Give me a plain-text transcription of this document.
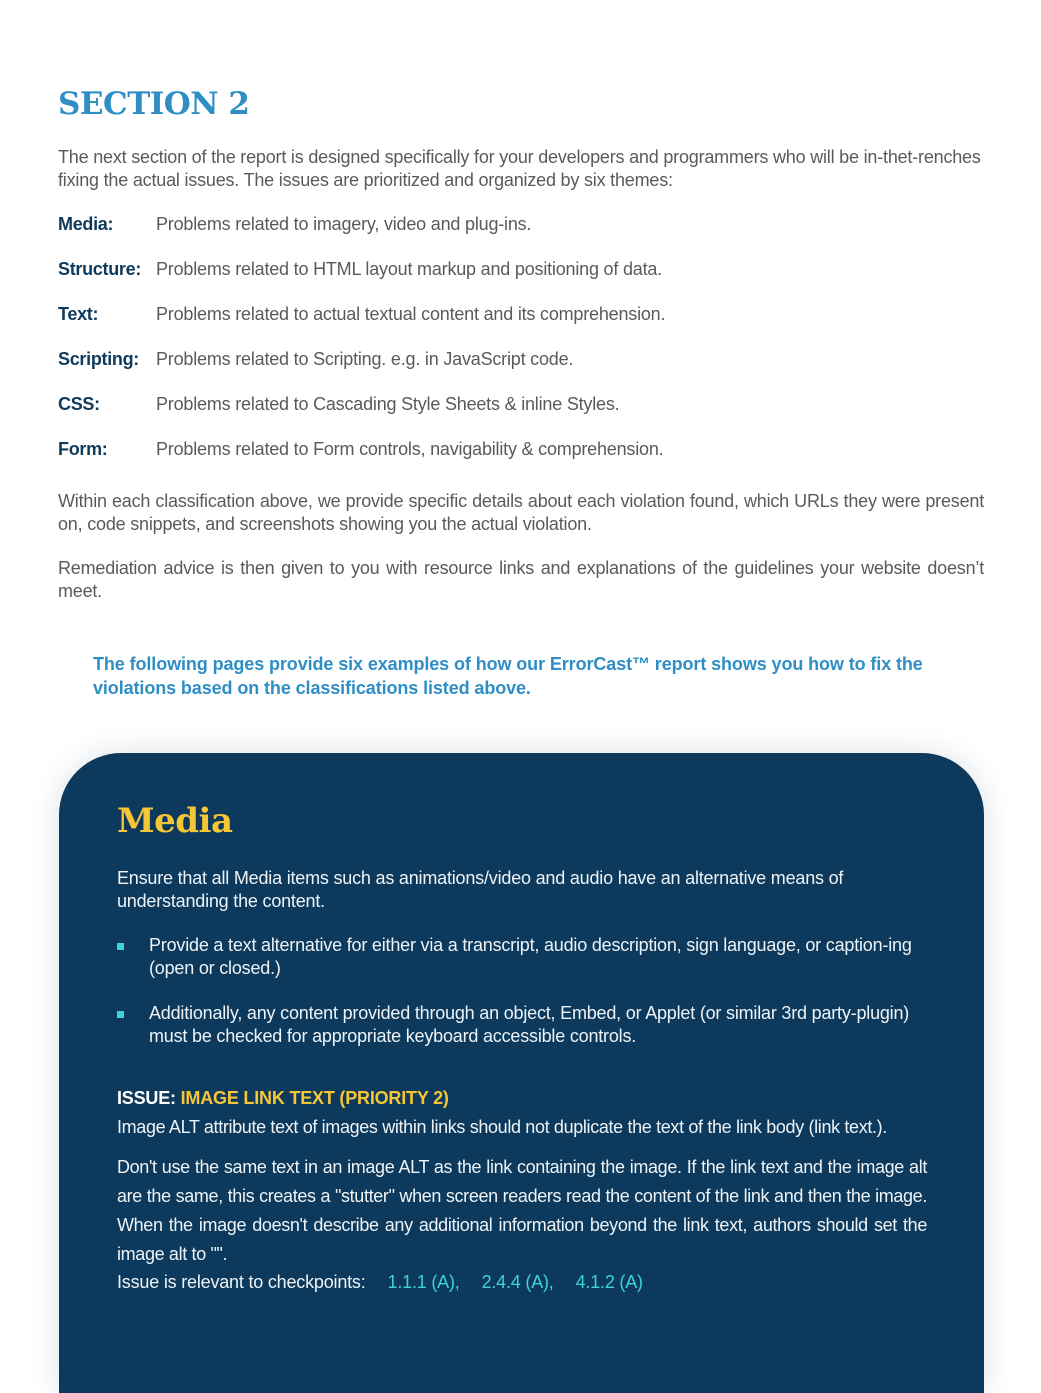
SECTION 2

The next section of the report is designed specifically for your developers and programmers who will be in-thet-renches fixing the actual issues. The issues are prioritized and organized by six themes:

Media:	Problems related to imagery, video and plug-ins.
Structure: Problems related to HTML layout markup and positioning of data.
Text:	Problems related to actual textual content and its comprehension.
Scripting: Problems related to Scripting. e.g. in JavaScript code.
CSS:	Problems related to Cascading Style Sheets & inline Styles.
Form:	Problems related to Form controls, navigability & comprehension.

Within each classification above, we provide specific details about each violation found, which URLs they were present on, code snippets, and screenshots showing you the actual violation.

Remediation advice is then given to you with resource links and explanations of the guidelines your website doesn’t meet.

The following pages provide six examples of how our ErrorCast™ report shows you how to fix the violations based on the classifications listed above.

Media

Ensure that all Media items such as animations/video and audio have an alternative means of understanding the content.

Provide a text alternative for either via a transcript, audio description, sign language, or caption-ing (open or closed.)
Additionally, any content provided through an object, Embed, or Applet (or similar 3rd party-plugin) must be checked for appropriate keyboard accessible controls.

ISSUE: IMAGE LINK TEXT (PRIORITY 2)

Image ALT attribute text of images within links should not duplicate the text of the link body (link text.).

Don't use the same text in an image ALT as the link containing the image. If the link text and the image alt are the same, this creates a "stutter" when screen readers read the content of the link and then the image. When the image doesn't describe any additional information beyond the link text, authors should set the image alt to "".

Issue is relevant to checkpoints: 1.1.1 (A), 2.4.4 (A), 4.1.2 (A)
